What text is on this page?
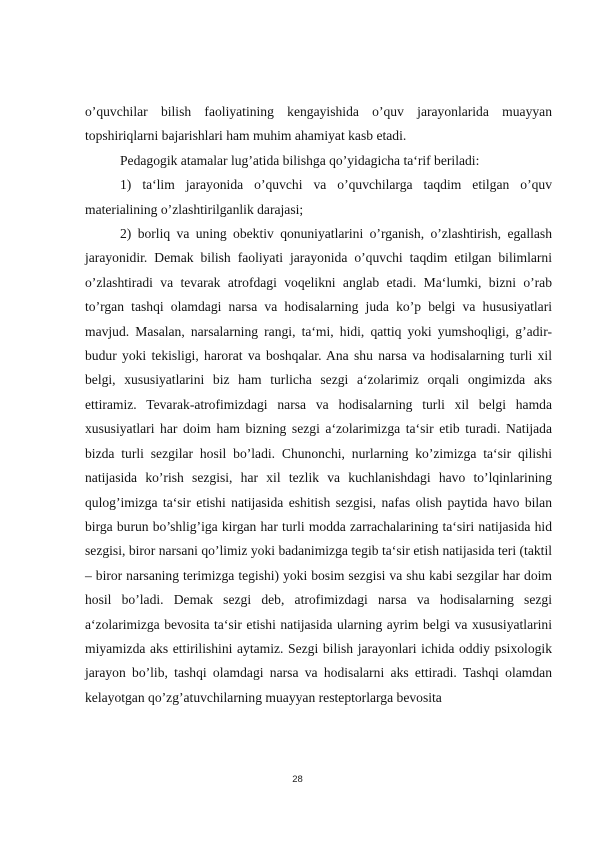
o’quvchilar bilish faoliyatining kengayishida o’quv jarayonlarida muayyan topshiriqlarni bajarishlari ham muhim ahamiyat kasb etadi.

Pedagogik atamalar lug’atida bilishga qo’yidagicha ta‘rif beriladi:

1) ta‘lim jarayonida o’quvchi va o’quvchilarga taqdim etilgan o’quv materialining o’zlashtirilganlik darajasi;

2) borliq va uning obektiv qonuniyatlarini o’rganish, o’zlashtirish, egallash jarayonidir. Demak bilish faoliyati jarayonida o’quvchi taqdim etilgan bilimlarni o’zlashtiradi va tevarak atrofdagi voqelikni anglab etadi. Ma‘lumki, bizni o’rab to’rgan tashqi olamdagi narsa va hodisalarning juda ko’p belgi va hususiyatlari mavjud. Masalan, narsalarning rangi, ta‘mi, hidi, qattiq yoki yumshoqligi, g’adir-budur yoki tekisligi, harorat va boshqalar. Ana shu narsa va hodisalarning turli xil belgi, xususiyatlarini biz ham turlicha sezgi a‘zolarimiz orqali ongimizda aks ettiramiz. Tevarak-atrofimizdagi narsa va hodisalarning turli xil belgi hamda xususiyatlari har doim ham bizning sezgi a‘zolarimizga ta‘sir etib turadi. Natijada bizda turli sezgilar hosil bo’ladi. Chunonchi, nurlarning ko’zimizga ta‘sir qilishi natijasida ko’rish sezgisi, har xil tezlik va kuchlanishdagi havo to’lqinlarining qulog’imizga ta‘sir etishi natijasida eshitish sezgisi, nafas olish paytida havo bilan birga burun bo’shlig’iga kirgan har turli modda zarrachalarining ta‘siri natijasida hid sezgisi, biror narsani qo’limiz yoki badanimizga tegib ta‘sir etish natijasida teri (taktil – biror narsaning terimizga tegishi) yoki bosim sezgisi va shu kabi sezgilar har doim hosil bo’ladi. Demak sezgi deb, atrofimizdagi narsa va hodisalarning sezgi a‘zolarimizga bevosita ta‘sir etishi natijasida ularning ayrim belgi va xususiyatlarini miyamizda aks ettirilishini aytamiz. Sezgi bilish jarayonlari ichida oddiy psixologik jarayon bo’lib, tashqi olamdagi narsa va hodisalarni aks ettiradi. Tashqi olamdan kelayotgan qo’zg’atuvchilarning muayyan resteptorlarga bevosita

28
